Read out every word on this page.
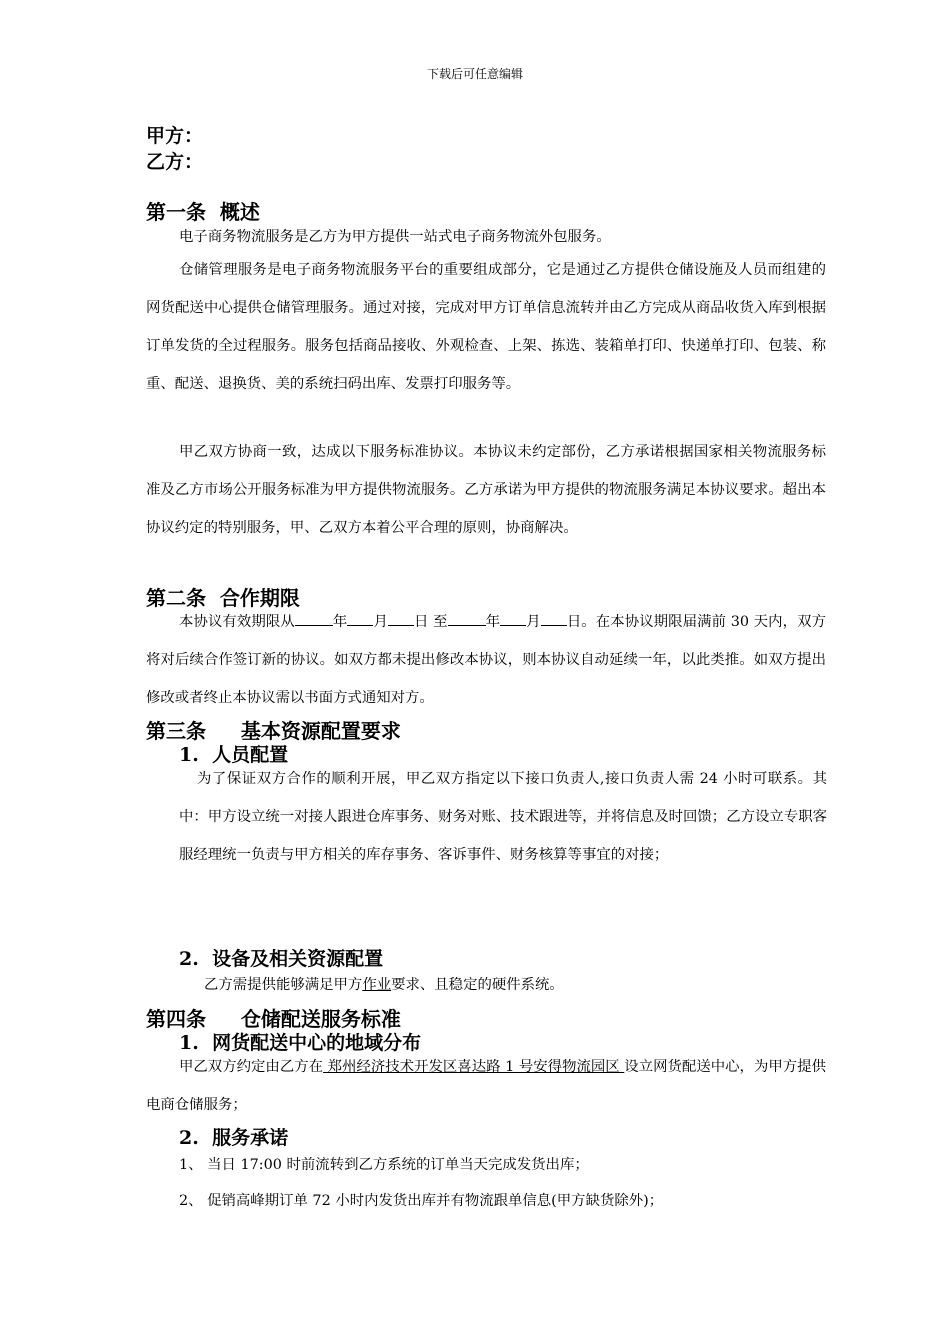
下载后可任意编辑
甲方：
乙方：
第一条  概述
电子商务物流服务是乙方为甲方提供一站式电子商务物流外包服务。
仓储管理服务是电子商务物流服务平台的重要组成部分，它是通过乙方提供仓储设施及人员而组建的网货配送中心提供仓储管理服务。通过对接，完成对甲方订单信息流转并由乙方完成从商品收货入库到根据订单发货的全过程服务。服务包括商品接收、外观检查、上架、拣选、装箱单打印、快递单打印、包装、称重、配送、退换货、美的系统扫码出库、发票打印服务等。
甲乙双方协商一致，达成以下服务标准协议。本协议未约定部份，乙方承诺根据国家相关物流服务标准及乙方市场公开服务标准为甲方提供物流服务。乙方承诺为甲方提供的物流服务满足本协议要求。超出本协议约定的特别服务，甲、乙双方本着公平合理的原则，协商解决。
第二条  合作期限
本协议有效期限从	年 月 日 至	年 月 日。在本协议期限届满前 30 天内，双方将对后续合作签订新的协议。如双方都未提出修改本协议，则本协议自动延续一年，以此类推。如双方提出修改或者终止本协议需以书面方式通知对方。
第三条     基本资源配置要求
1.  人员配置
为了保证双方合作的顺利开展，甲乙双方指定以下接口负责人,接口负责人需 24 小时可联系。其中：甲方设立统一对接人跟进仓库事务、财务对账、技术跟进等，并将信息及时回馈；乙方设立专职客服经理统一负责与甲方相关的库存事务、客诉事件、财务核算等事宜的对接；
2.  设备及相关资源配置
乙方需提供能够满足甲方作业要求、且稳定的硬件系统。
第四条     仓储配送服务标准
1.  网货配送中心的地域分布
甲乙双方约定由乙方在 郑州经济技术开发区喜达路 1 号安得物流园区 设立网货配送中心，为甲方提供电商仓储服务；
2.  服务承诺
1、 当日 17:00 时前流转到乙方系统的订单当天完成发货出库；
2、 促销高峰期订单 72 小时内发货出库并有物流跟单信息(甲方缺货除外)；
